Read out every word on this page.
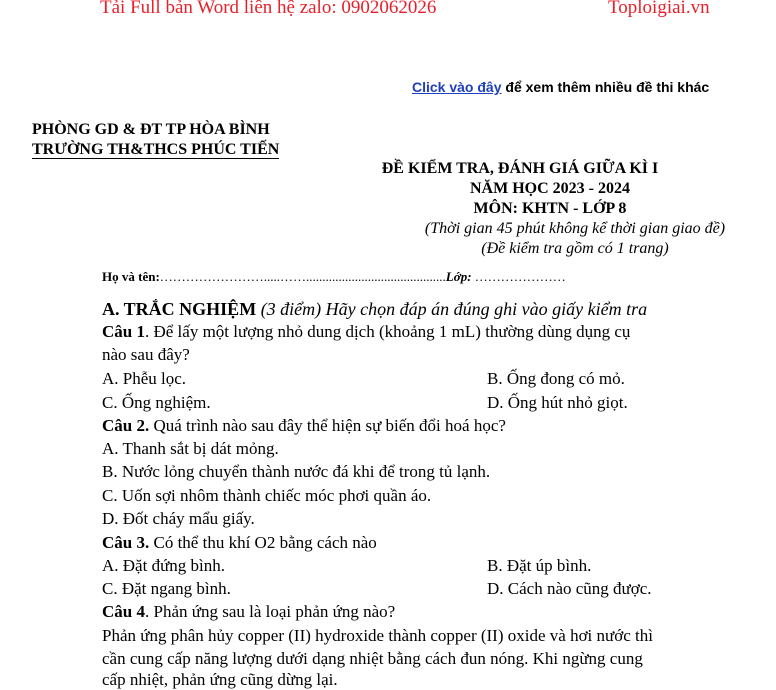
Tải Full bản Word liên hệ zalo: 0902062026	Toploigiai.vn
Click vào đây để xem thêm nhiều đề thi khác
PHÒNG GD & ĐT TP HÒA BÌNH
TRƯỜNG TH&THCS PHÚC TIẾN
ĐỀ KIỂM TRA, ĐÁNH GIÁ GIỮA KÌ I
NĂM HỌC 2023 - 2024
MÔN: KHTN - LỚP 8
(Thời gian 45 phút không kể thời gian giao đề)
(Đề kiểm tra gồm có 1 trang)
Họ và tên:…………………….....……...........................................Lớp: …………………
A. TRẮC NGHIỆM (3 điểm) Hãy chọn đáp án đúng ghi vào giấy kiểm tra
Câu 1. Để lấy một lượng nhỏ dung dịch (khoảng 1 mL) thường dùng dụng cụ
nào sau đây?
A. Phễu lọc.	B. Ống đong có mỏ.
C. Ống nghiệm.	D. Ống hút nhỏ giọt.
Câu 2. Quá trình nào sau đây thể hiện sự biến đổi hoá học?
A. Thanh sắt bị dát mỏng.
B. Nước lỏng chuyển thành nước đá khi để trong tủ lạnh.
C. Uốn sợi nhôm thành chiếc móc phơi quần áo.
D. Đốt cháy mẩu giấy.
Câu 3. Có thể thu khí O2 bằng cách nào
A. Đặt đứng bình.	B. Đặt úp bình.
C. Đặt ngang bình.	D. Cách nào cũng được.
Câu 4. Phản ứng sau là loại phản ứng nào?
Phản ứng phân hủy copper (II) hydroxide thành copper (II) oxide và hơi nước thì
cần cung cấp năng lượng dưới dạng nhiệt bằng cách đun nóng. Khi ngừng cung
cấp nhiệt, phản ứng cũng dừng lại.
